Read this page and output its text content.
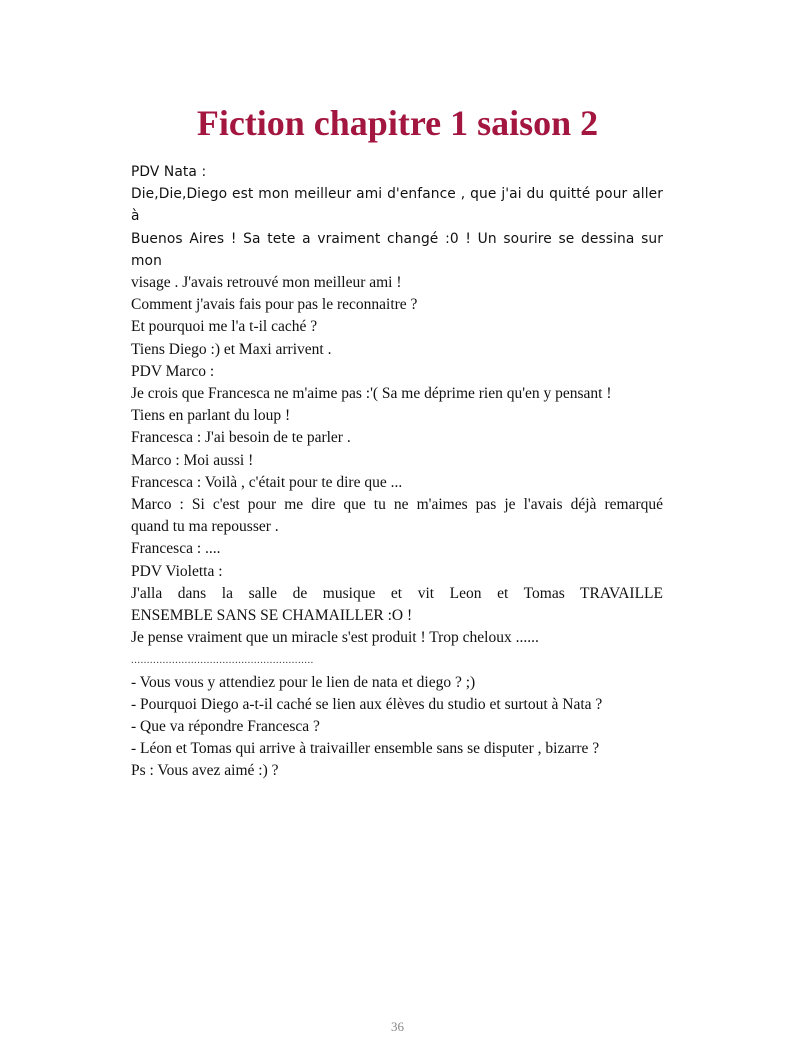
Fiction chapitre 1 saison 2
PDV Nata :
Die,Die,Diego est mon meilleur ami d'enfance , que j'ai du quitté pour aller à
Buenos Aires ! Sa tete a vraiment changé :0 ! Un sourire se dessina sur mon
visage . J'avais retrouvé mon meilleur ami !
Comment j'avais fais pour pas le reconnaitre ?
Et pourquoi me l'a t-il caché ?
Tiens Diego :) et Maxi arrivent .
PDV Marco :
Je crois que Francesca ne m'aime pas :'( Sa me déprime rien qu'en y pensant !
Tiens en parlant du loup !
Francesca : J'ai besoin de te parler .
Marco : Moi aussi !
Francesca : Voilà , c'était pour te dire que ...
Marco : Si c'est pour me dire que tu ne m'aimes pas je l'avais déjà remarqué
quand tu ma repousser .
Francesca : ....
PDV Violetta :
J'alla dans la salle de musique et vit Leon et Tomas TRAVAILLE
ENSEMBLE SANS SE CHAMAILLER :O !
Je pense vraiment que un miracle s'est produit ! Trop cheloux ......
..........................................................
- Vous vous y attendiez pour le lien de nata et diego ? ;)
- Pourquoi Diego a-t-il caché se lien aux élèves du studio et surtout à Nata ?
- Que va répondre Francesca ?
- Léon et Tomas qui arrive à traivailler ensemble sans se disputer , bizarre ?
Ps : Vous avez aimé :) ?
36
